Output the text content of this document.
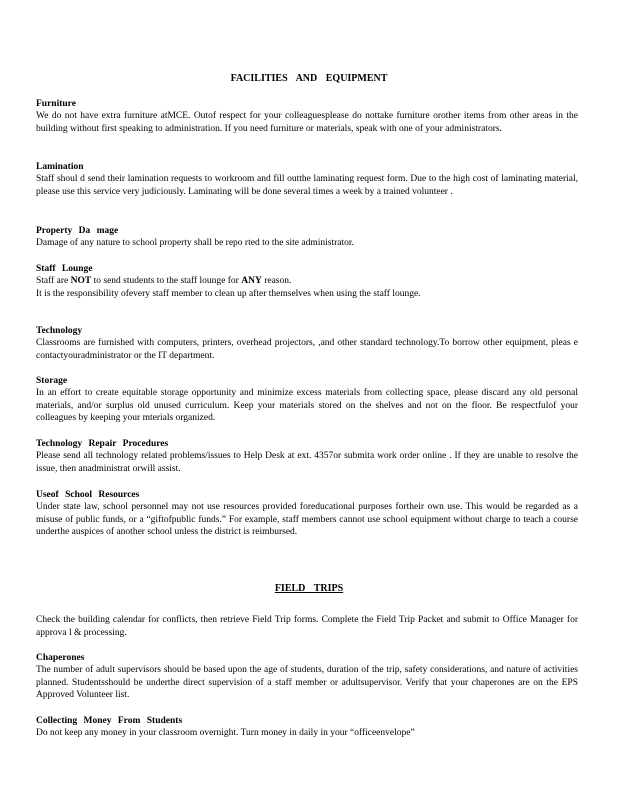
FACILITIES AND EQUIPMENT
Furniture

We do not have extra furniture atMCE. Outof respect for your colleaguesplease do nottake furniture orother items from other areas in the building without first speaking to administration. If you need furniture or materials, speak with one of your administrators.

Lamination

Staff shoul d send their lamination requests to workroom and fill outthe laminating request form. Due to the high cost of laminating material, please use this service very judiciously. Laminating will be done several times a week by a trained volunteer .

Property Da mage

Damage of any nature to school property shall be repo rted to the site administrator.

Staff Lounge

Staff are NOT to send students to the staff lounge for ANY reason.

It is the responsibility ofevery staff member to clean up after themselves when using the staff lounge.

Technology

Classrooms are furnished with computers, printers, overhead projectors, ,and other standard technology.To borrow other equipment, pleas e contactyouradministrator or the IT department.

Storage

In an effort to create equitable storage opportunity and minimize excess materials from collecting space, please discard any old personal materials, and/or surplus old unused curriculum. Keep your materials stored on the shelves and not on the floor. Be respectfulof your colleagues by keeping your mterials organized.

Technology Repair Procedures

Please send all technology related problems/issues to Help Desk at ext. 4357or submita work order online . If they are unable to resolve the issue, then anadministrat orwill assist.

Useof School Resources

Under state law, school personnel may not use resources provided foreducational purposes fortheir own use. This would be regarded as a misuse of public funds, or a “giftofpublic funds.” For example, staff members cannot use school equipment without charge to teach a course underthe auspices of another school unless the district is reimbursed.

FIELD TRIPS

Check the building calendar for conflicts, then retrieve Field Trip forms. Complete the Field Trip Packet and submit to Office Manager for approva l & processing.

Chaperones

The number of adult supervisors should be based upon the age of students, duration of the trip, safety considerations, and nature of activities planned. Studentsshould be underthe direct supervision of a staff member or adultsupervisor. Verify that your chaperones are on the EPS Approved Volunteer list.

Collecting Money From Students

Do not keep any money in your classroom overnight. Turn money in daily in your “officeenvelope”
